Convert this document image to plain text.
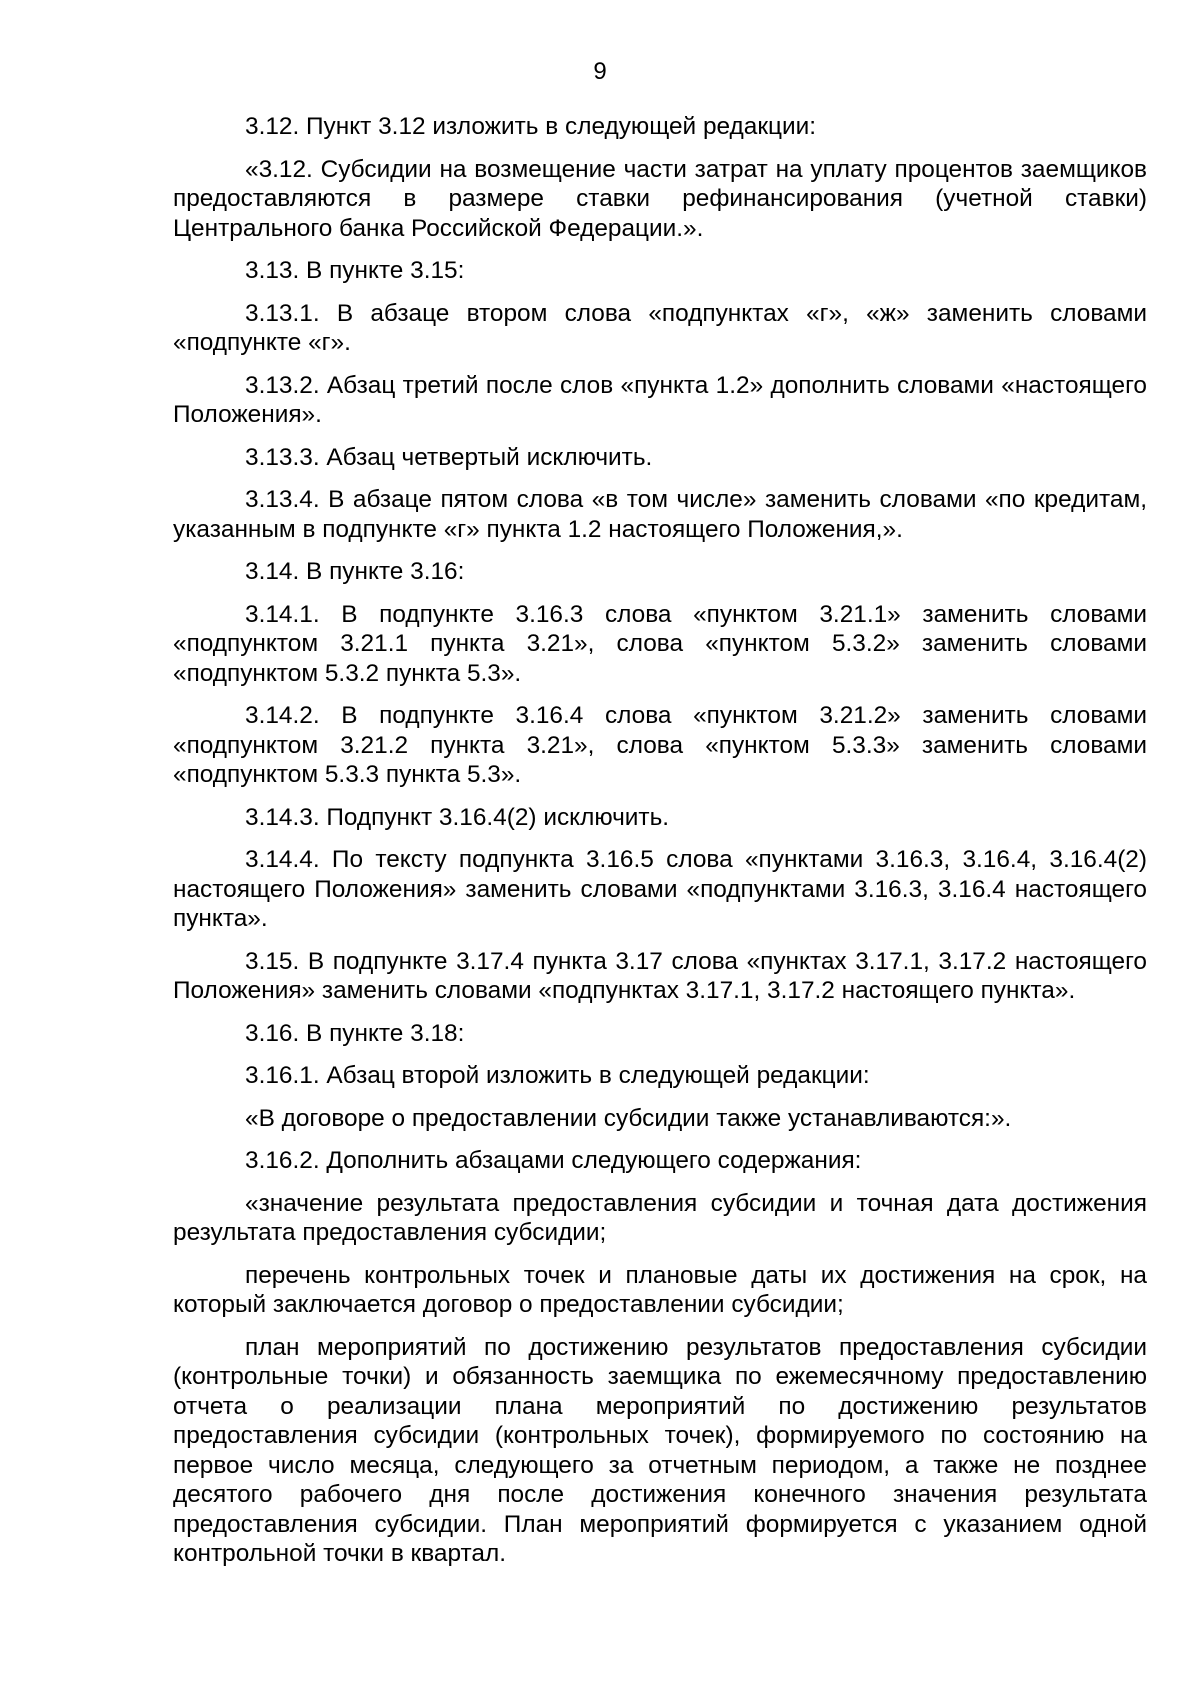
9

3.12. Пункт 3.12 изложить в следующей редакции:

«3.12. Субсидии на возмещение части затрат на уплату процентов заемщиков предоставляются в размере ставки рефинансирования (учетной ставки) Центрального банка Российской Федерации.».

3.13. В пункте 3.15:

3.13.1. В абзаце втором слова «подпунктах «г», «ж» заменить словами «подпункте «г».

3.13.2. Абзац третий после слов «пункта 1.2» дополнить словами «настоящего Положения».

3.13.3. Абзац четвертый исключить.

3.13.4. В абзаце пятом слова «в том числе» заменить словами «по кредитам, указанным в подпункте «г» пункта 1.2 настоящего Положения,».

3.14. В пункте 3.16:

3.14.1. В подпункте 3.16.3 слова «пунктом 3.21.1» заменить словами «подпунктом 3.21.1 пункта 3.21», слова «пунктом 5.3.2» заменить словами «подпунктом 5.3.2 пункта 5.3».

3.14.2. В подпункте 3.16.4 слова «пунктом 3.21.2» заменить словами «подпунктом 3.21.2 пункта 3.21», слова «пунктом 5.3.3» заменить словами «подпунктом 5.3.3 пункта 5.3».

3.14.3. Подпункт 3.16.4(2) исключить.

3.14.4. По тексту подпункта 3.16.5 слова «пунктами 3.16.3, 3.16.4, 3.16.4(2) настоящего Положения» заменить словами «подпунктами 3.16.3, 3.16.4 настоящего пункта».

3.15. В подпункте 3.17.4 пункта 3.17 слова «пунктах 3.17.1, 3.17.2 настоящего Положения» заменить словами «подпунктах 3.17.1, 3.17.2 настоящего пункта».

3.16. В пункте 3.18:

3.16.1. Абзац второй изложить в следующей редакции:

«В договоре о предоставлении субсидии также устанавливаются:».

3.16.2. Дополнить абзацами следующего содержания:

«значение результата предоставления субсидии и точная дата достижения результата предоставления субсидии;

перечень контрольных точек и плановые даты их достижения на срок, на который заключается договор о предоставлении субсидии;

план мероприятий по достижению результатов предоставления субсидии (контрольные точки) и обязанность заемщика по ежемесячному предоставлению отчета о реализации плана мероприятий по достижению результатов предоставления субсидии (контрольных точек), формируемого по состоянию на первое число месяца, следующего за отчетным периодом, а также не позднее десятого рабочего дня после достижения конечного значения результата предоставления субсидии. План мероприятий формируется с указанием одной контрольной точки в квартал.
